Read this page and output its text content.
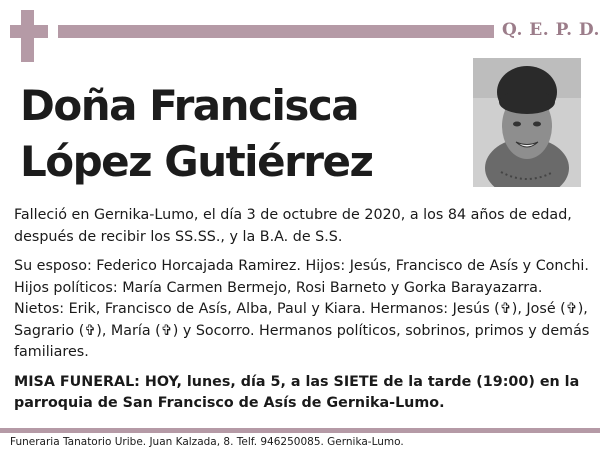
Q. E. P. D.
Doña Francisca
López Gutiérrez

Falleció en Gernika-Lumo, el día 3 de octubre de 2020, a los 84 años de edad, después de recibir los SS.SS., y la B.A. de S.S.

Su esposo: Federico Horcajada Ramirez. Hijos: Jesús, Francisco de Asís y Conchi. Hijos políticos: María Carmen Bermejo, Rosi Barneto y Gorka Barayazarra. Nietos: Erik, Francisco de Asís, Alba, Paul y Kiara. Hermanos: Jesús (✞), José (✞), Sagrario (✞), María (✞) y Socorro. Hermanos políticos, sobrinos, primos y demás familiares.

MISA FUNERAL: HOY, lunes, día 5, a las SIETE de la tarde (19:00) en la parroquia de San Francisco de Asís de Gernika-Lumo.

Funeraria Tanatorio Uribe. Juan Kalzada, 8. Telf. 946250085. Gernika-Lumo.
